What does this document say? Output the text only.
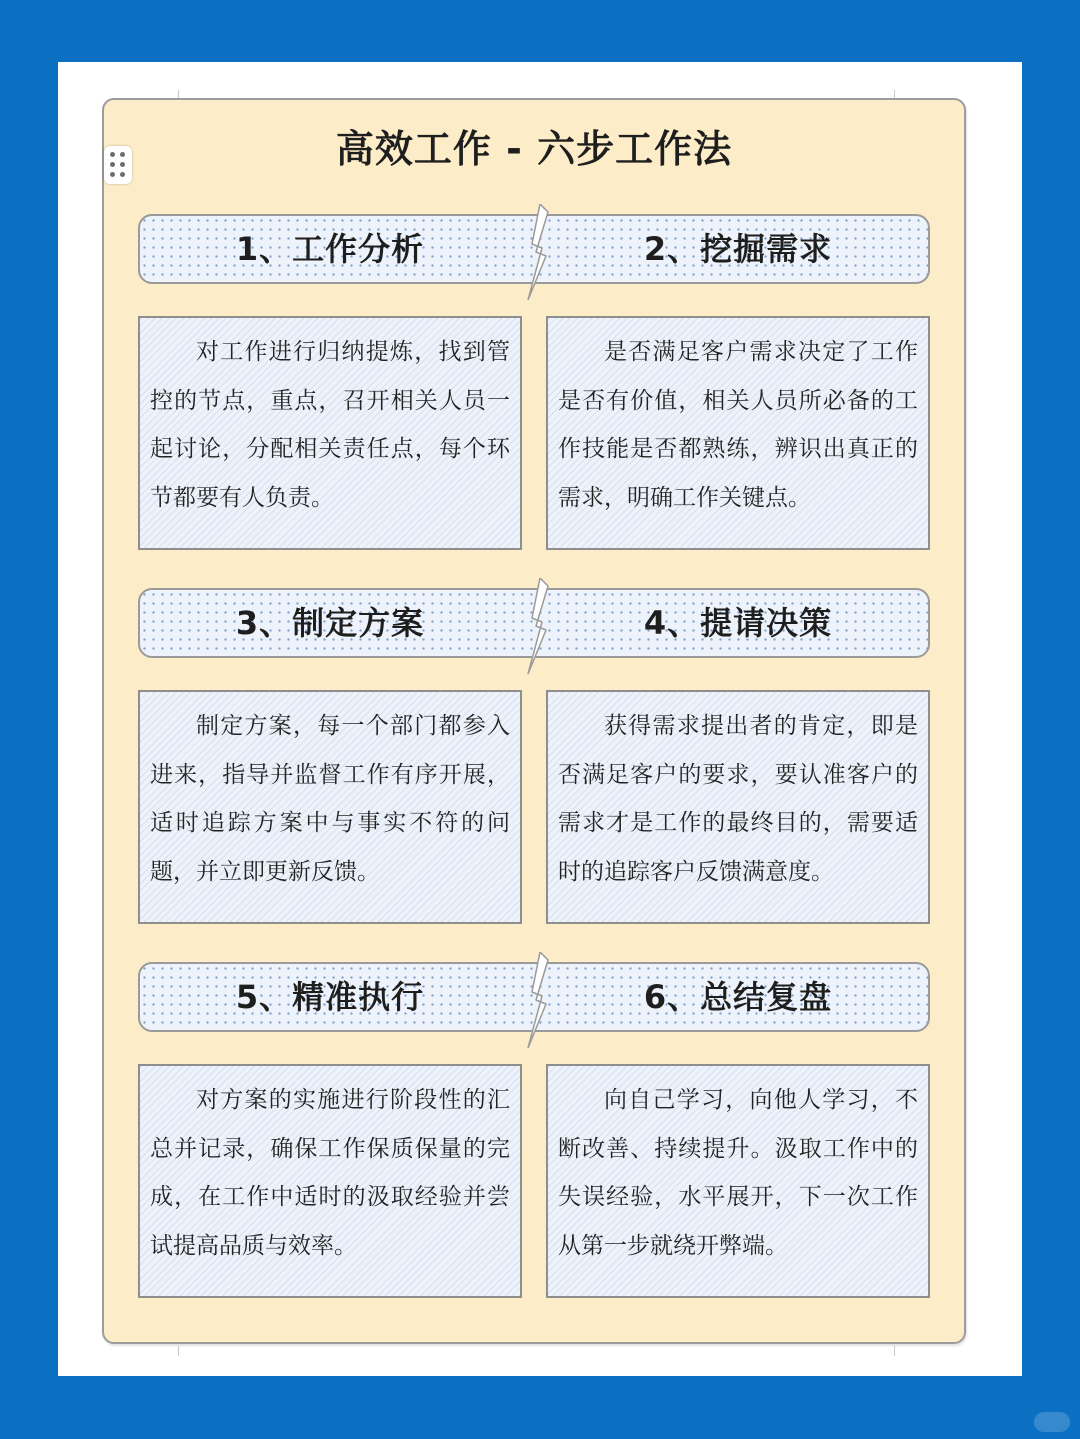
高效工作 - 六步工作法
1、工作分析	2、挖掘需求

对工作进行归纳提炼，找到管控的节点，重点，召开相关人员一起讨论，分配相关责任点，每个环节都要有人负责。

是否满足客户需求决定了工作是否有价值，相关人员所必备的工作技能是否都熟练，辨识出真正的需求，明确工作关键点。

3、制定方案	4、提请决策

制定方案，每一个部门都参入进来，指导并监督工作有序开展，适时追踪方案中与事实不符的问题，并立即更新反馈。

获得需求提出者的肯定，即是否满足客户的要求，要认准客户的需求才是工作的最终目的，需要适时的追踪客户反馈满意度。

5、精准执行	6、总结复盘

对方案的实施进行阶段性的汇总并记录，确保工作保质保量的完成，在工作中适时的汲取经验并尝试提高品质与效率。

向自己学习，向他人学习，不断改善、持续提升。汲取工作中的失误经验，水平展开，下一次工作从第一步就绕开弊端。
